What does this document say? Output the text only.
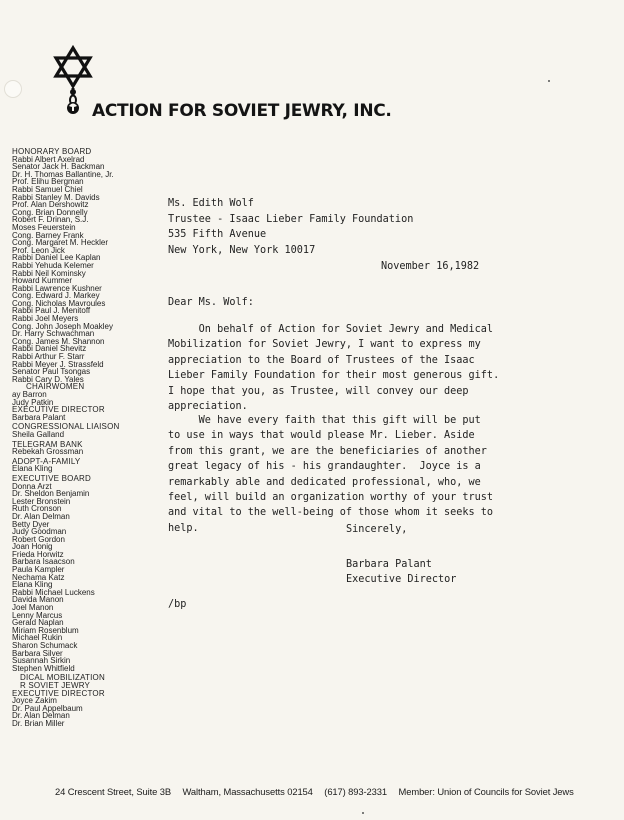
ACTION FOR SOVIET JEWRY, INC.
HONORARY BOARD
Rabbi Albert Axelrad
Senator Jack H. Backman
Dr. H. Thomas Ballantine, Jr.
Prof. Elihu Bergman
Rabbi Samuel Chiel
Rabbi Stanley M. Davids
Prof. Alan Dershowitz
Cong. Brian Donnelly
Robert F. Drinan, S.J.
Moses Feuerstein
Cong. Barney Frank
Cong. Margaret M. Heckler
Prof. Leon Jick
Rabbi Daniel Lee Kaplan
Rabbi Yehuda Kelemer
Rabbi Neil Kominsky
Howard Kummer
Rabbi Lawrence Kushner
Cong. Edward J. Markey
Cong. Nicholas Mavroules
Rabbi Paul J. Menitoff
Rabbi Joel Meyers
Cong. John Joseph Moakley
Dr. Harry Schwachman
Cong. James M. Shannon
Rabbi Daniel Shevitz
Rabbi Arthur F. Starr
Rabbi Meyer J. Strassfeld
Senator Paul Tsongas
Rabbi Cary D. Yales
CHAIRWOMEN
ay Barron
Judy Patkin
EXECUTIVE DIRECTOR
Barbara Palant
CONGRESSIONAL LIAISON
Sheila Galland
TELEGRAM BANK
Rebekah Grossman
ADOPT-A-FAMILY
Elana Kling
EXECUTIVE BOARD
Donna Arzt
Dr. Sheldon Benjamin
Lester Bronstein
Ruth Cronson
Dr. Alan Delman
Betty Dyer
Judy Goodman
Robert Gordon
Joan Honig
Frieda Horwitz
Barbara Isaacson
Paula Kampler
Nechama Katz
Elana Kling
Rabbi Michael Luckens
Davida Manon
Joel Manon
Lenny Marcus
Gerald Naplan
Miriam Rosenblum
Michael Rukin
Sharon Schumack
Barbara Silver
Susannah Sirkin
Stephen Whitfield
DICAL MOBILIZATION
R SOVIET JEWRY
EXECUTIVE DIRECTOR
Joyce Zakim
Dr. Paul Appelbaum
Dr. Alan Delman
Dr. Brian Miller
Ms. Edith Wolf
Trustee - Isaac Lieber Family Foundation
535 Fifth Avenue
New York, New York 10017
November 16,1982
Dear Ms. Wolf:
On behalf of Action for Soviet Jewry and Medical
Mobilization for Soviet Jewry, I want to express my
appreciation to the Board of Trustees of the Isaac
Lieber Family Foundation for their most generous gift.
I hope that you, as Trustee, will convey our deep
appreciation.
We have every faith that this gift will be put
to use in ways that would please Mr. Lieber. Aside
from this grant, we are the beneficiaries of another
great legacy of his - his grandaughter.  Joyce is a
remarkably able and dedicated professional, who, we
feel, will build an organization worthy of your trust
and vital to the well-being of those whom it seeks to
help.	Sincerely,
Barbara Palant
Executive Director
/bp
24 Crescent Street, Suite 3B Waltham, Massachusetts 02154 (617) 893-2331 Member: Union of Councils for Soviet Jews
